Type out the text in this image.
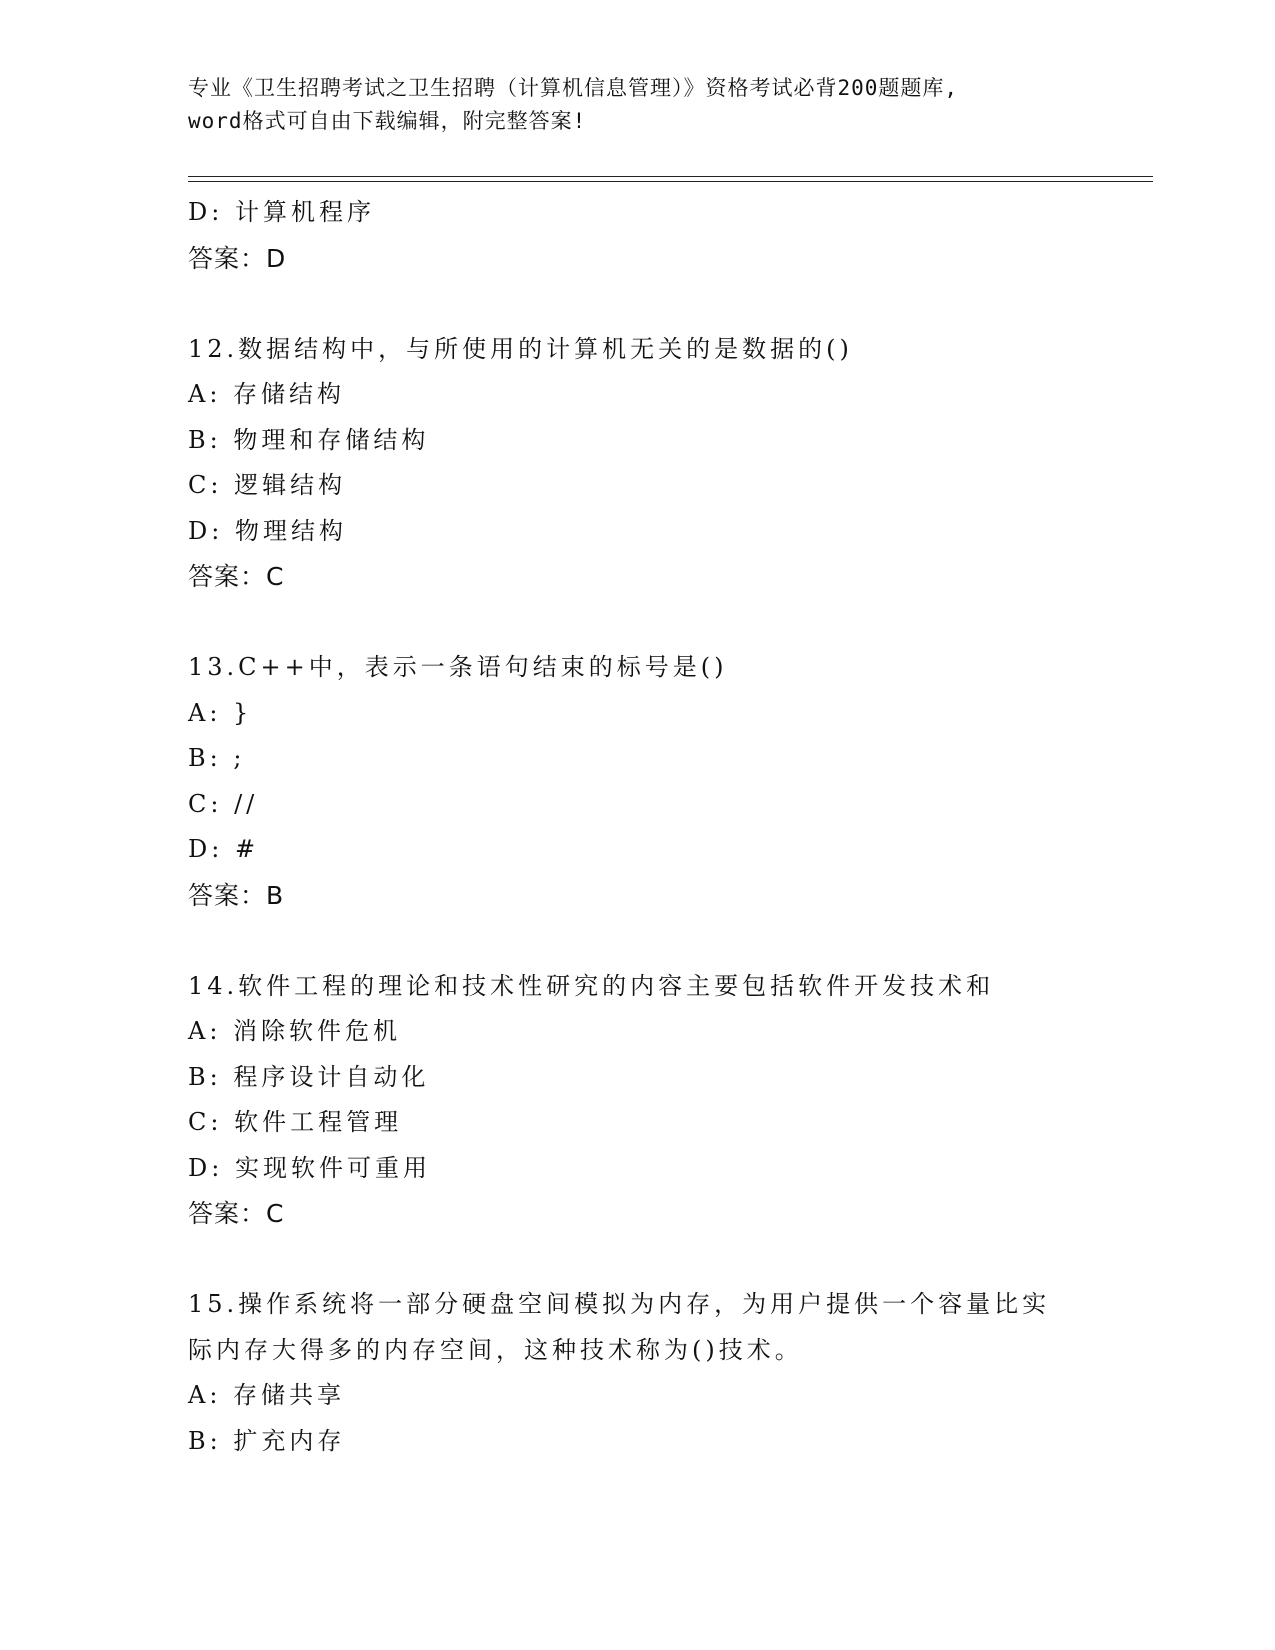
专业《卫生招聘考试之卫生招聘（计算机信息管理）》资格考试必背200题题库,
word格式可自由下载编辑，附完整答案!
D: 计算机程序
答案：D
12.数据结构中，与所使用的计算机无关的是数据的()
A: 存储结构
B: 物理和存储结构
C: 逻辑结构
D: 物理结构
答案：C
13.C++中，表示一条语句结束的标号是()
A: }
B: ;
C: //
D: #
答案：B
14.软件工程的理论和技术性研究的内容主要包括软件开发技术和
A: 消除软件危机
B: 程序设计自动化
C: 软件工程管理
D: 实现软件可重用
答案：C
15.操作系统将一部分硬盘空间模拟为内存，为用户提供一个容量比实
际内存大得多的内存空间，这种技术称为()技术。
A: 存储共享
B: 扩充内存
